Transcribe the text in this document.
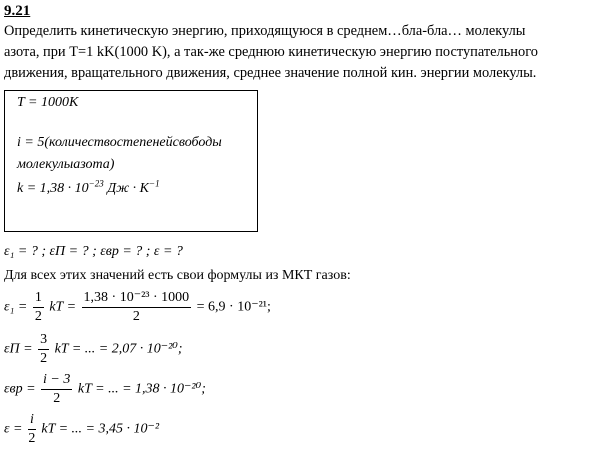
9.21
Определить кинетическую энергию, приходящуюся в среднем…бла-бла… молекулы
азота, при T=1 kK(1000 K), а так-же среднюю кинетическую энергию поступательного
движения, вращательного движения, среднее значение полной кин. энергии молекулы.
T = 1000K
i = 5(количествостепенейсвободы
молекулыазота)
$k = 1,38 \cdot 10^{-23}$ Дж · $K^{-1}$
ε₁ = ? ; εП = ? ; εвр = ? ; ε = ?
Для всех этих значений есть свои формулы из МКТ газов:
$\varepsilon_1 = \frac{1}{2}$ kT = $\frac{\text{1,38 · 10⁻²³ · 1000}}{2} = 6,9 \cdot 10^{-21}$;
$\varepsilon П = \frac{3}{2}$ kT = ... = 2,07 · 10⁻²⁰;
$\varepsilon вр = \frac{i - 3}{2}$ kT = ... = 1,38 · 10⁻²⁰;
$\varepsilon = \frac{i}{2}$ kT = ... = 3,45 · 10⁻²
